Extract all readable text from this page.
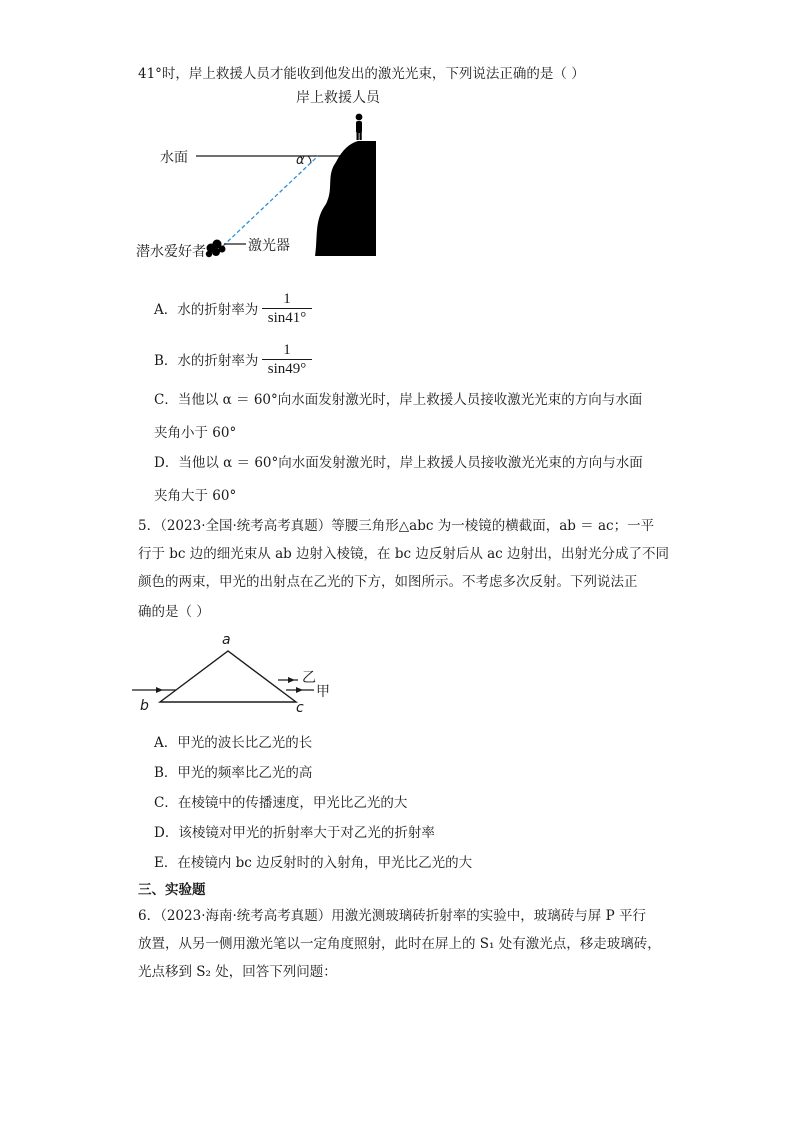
41°时，岸上救援人员才能收到他发出的激光光束，下列说法正确的是（ ）
岸上救援人员
水面	α
激光器
潜水爱好者
A．水的折射率为
1
sin41°
B．水的折射率为
1
sin49°
C．当他以 α ＝ 60°向水面发射激光时，岸上救援人员接收激光光束的方向与水面
夹角小于 60°
D．当他以 α ＝ 60°向水面发射激光时，岸上救援人员接收激光光束的方向与水面
夹角大于 60°
5．（2023·全国·统考高考真题）等腰三角形△abc 为一棱镜的横截面，ab ＝ ac；一平
行于 bc 边的细光束从 ab 边射入棱镜，在 bc 边反射后从 ac 边射出，出射光分成了不同
颜色的两束，甲光的出射点在乙光的下方，如图所示。不考虑多次反射。下列说法正
确的是（ ）
a
乙
甲
b	c
A．甲光的波长比乙光的长
B．甲光的频率比乙光的高
C．在棱镜中的传播速度，甲光比乙光的大
D．该棱镜对甲光的折射率大于对乙光的折射率
E．在棱镜内 bc 边反射时的入射角，甲光比乙光的大
三、实验题
6．（2023·海南·统考高考真题）用激光测玻璃砖折射率的实验中，玻璃砖与屏 P 平行
放置，从另一侧用激光笔以一定角度照射，此时在屏上的 S₁ 处有激光点，移走玻璃砖，
光点移到 S₂ 处，回答下列问题：
